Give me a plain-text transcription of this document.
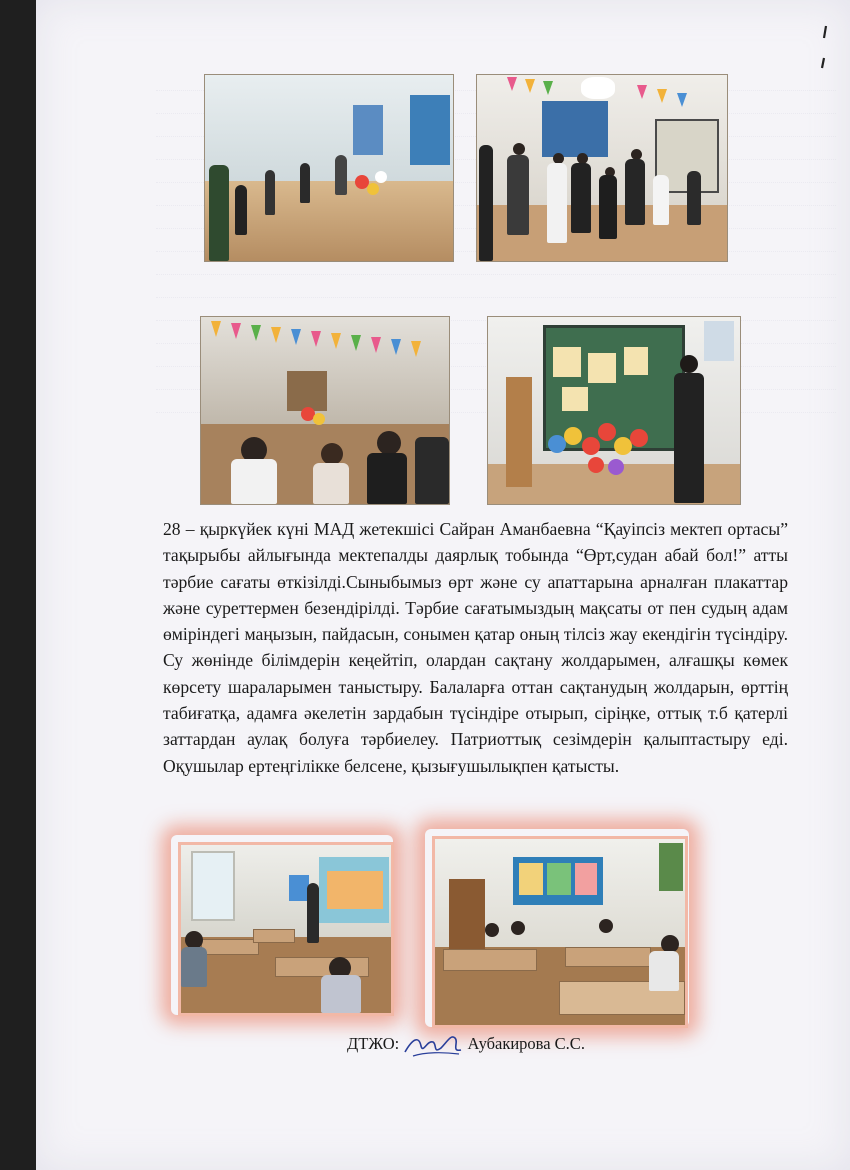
28 – қыркүйек күні МАД жетекшісі Сайран Аманбаевна “Қауіпсіз мектеп ортасы” тақырыбы айлығында мектепалды даярлық тобында “Өрт,судан абай бол!” атты тәрбие сағаты өткізілді.Сыныбымыз өрт және су апаттарына арналған плакаттар және суреттермен безендірілді. Тәрбие сағатымыздың мақсаты от пен судың адам өміріндегі маңызын, пайдасын, сонымен қатар оның тілсіз жау екендігін түсіндіру. Су жөнінде білімдерін кеңейтіп, олардан сақтану жолдарымен, алғашқы көмек көрсету шараларымен таныстыру. Балаларға оттан сақтанудың жолдарын, өрттің табиғатқа, адамға әкелетін зардабын түсіндіре отырып, сіріңке, оттық т.б қатерлі заттардан аулақ болуға тәрбиелеу. Патриоттық сезімдерін қалыптастыру еді. Оқушылар ертеңгілікке белсене, қызығушылықпен қатысты.

ДТЖО:	Аубакирова С.С.
